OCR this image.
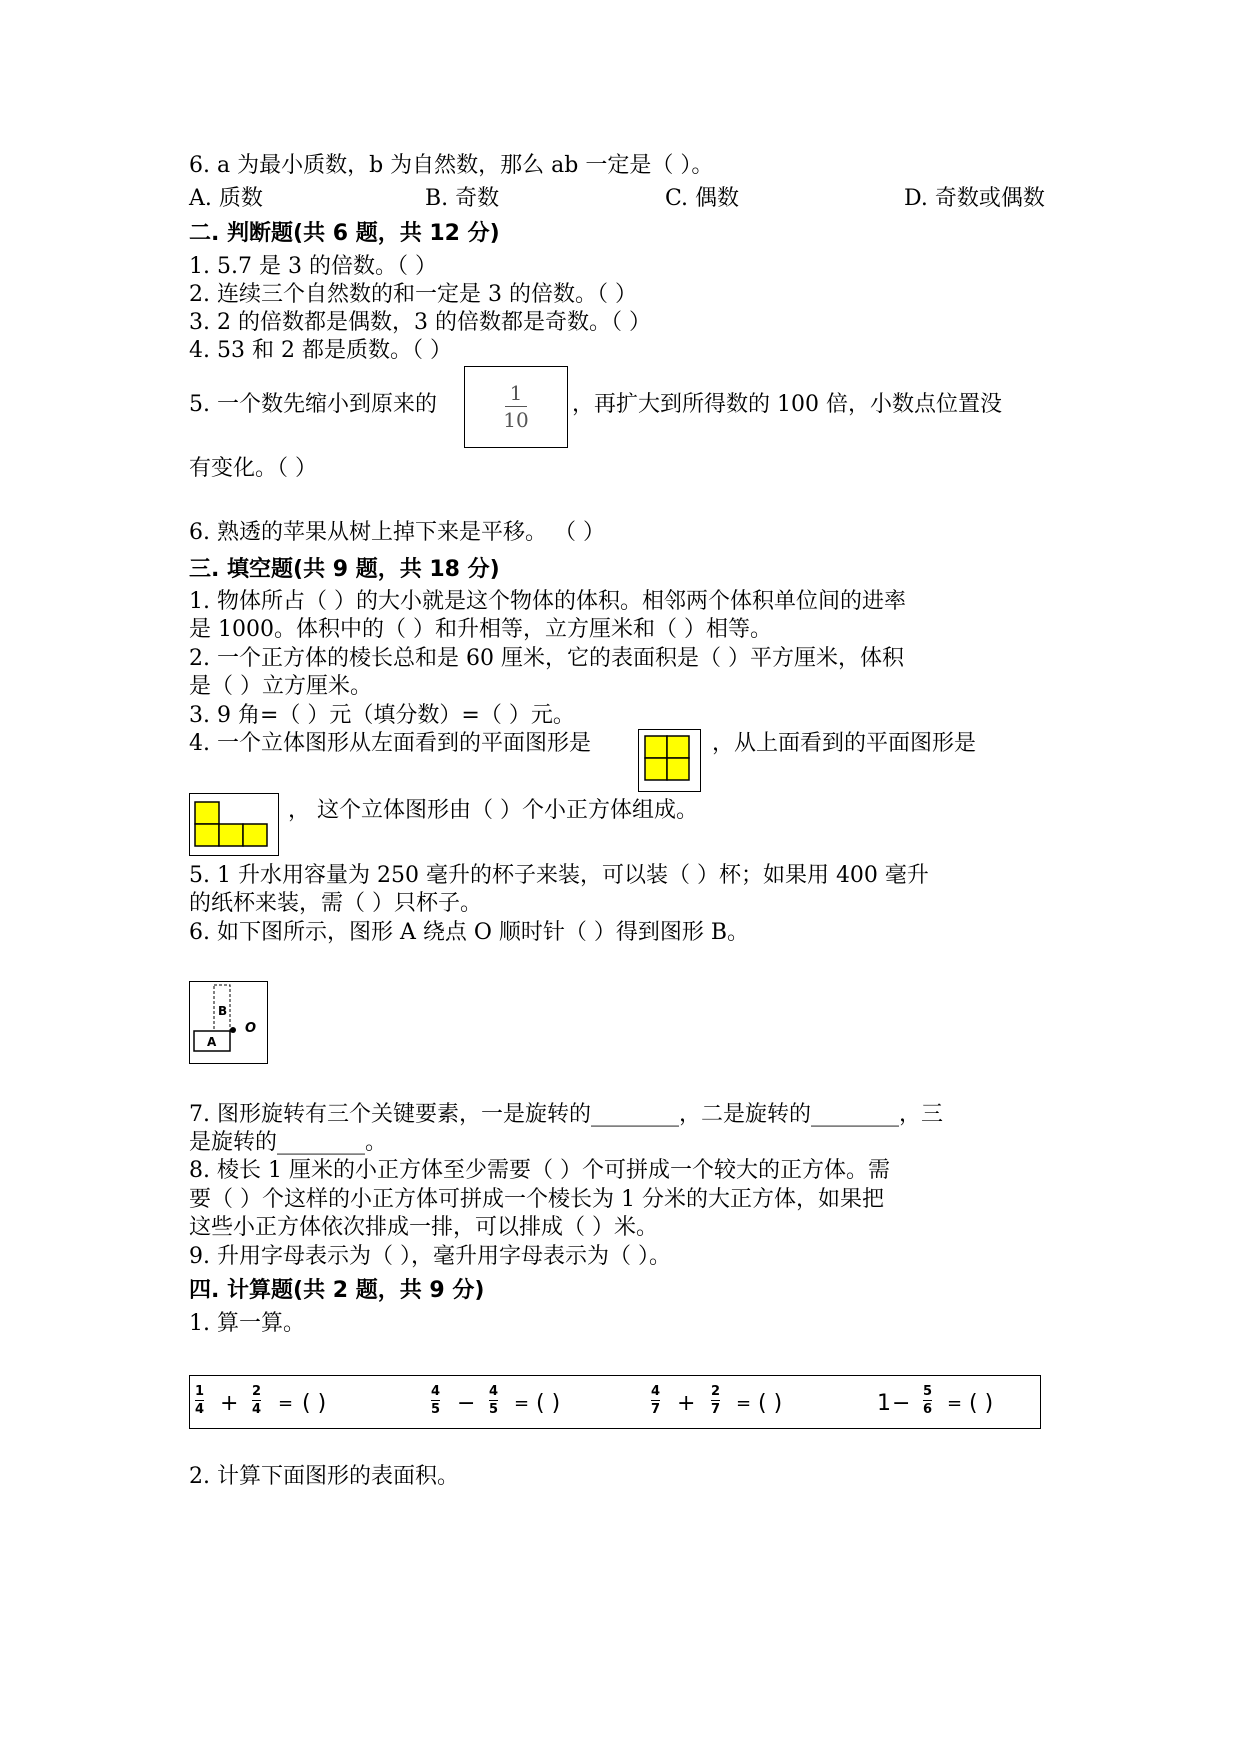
6. a 为最小质数，b 为自然数，那么 ab 一定是（ ）。
A. 质数	B. 奇数	C. 偶数	D. 奇数或偶数
二. 判断题(共 6 题，共 12 分)
1. 5.7 是 3 的倍数。（ ）
2. 连续三个自然数的和一定是 3 的倍数。（ ）
3. 2 的倍数都是偶数，3 的倍数都是奇数。（ ）
4. 53 和 2 都是质数。（ ）
5. 一个数先缩小到原来的	1
10
，再扩大到所得数的 100 倍，小数点位置没
有变化。（ ）
6. 熟透的苹果从树上掉下来是平移。 （ ）
三. 填空题(共 9 题，共 18 分)
1. 物体所占（ ）的大小就是这个物体的体积。相邻两个体积单位间的进率
是 1000。体积中的（ ）和升相等，立方厘米和（ ）相等。
2. 一个正方体的棱长总和是 60 厘米，它的表面积是（ ）平方厘米，体积
是（ ）立方厘米。
3. 9 角=（ ）元（填分数）=（ ）元。
4. 一个立体图形从左面看到的平面图形是	，从上面看到的平面图形是
， 这个立体图形由（ ）个小正方体组成。
5. 1 升水用容量为 250 毫升的杯子来装，可以装（ ）杯；如果用 400 毫升
的纸杯来装，需（ ）只杯子。
6. 如下图所示，图形 A 绕点 O 顺时针（ ）得到图形 B。
B
A
O
7. 图形旋转有三个关键要素，一是旋转的________，二是旋转的________，三
是旋转的________。
8. 棱长 1 厘米的小正方体至少需要（ ）个可拼成一个较大的正方体。需
要（ ）个这样的小正方体可拼成一个棱长为 1 分米的大正方体，如果把
这些小正方体依次排成一排，可以排成（ ）米。
9. 升用字母表示为（ ），毫升用字母表示为（ ）。
四. 计算题(共 2 题，共 9 分)
1. 算一算。
1
4 + 2
4 = ( )	4
5 − 4
5 = ( )	4
7 + 2
7 = ( )	1 − 5
6 = ( )
2. 计算下面图形的表面积。
